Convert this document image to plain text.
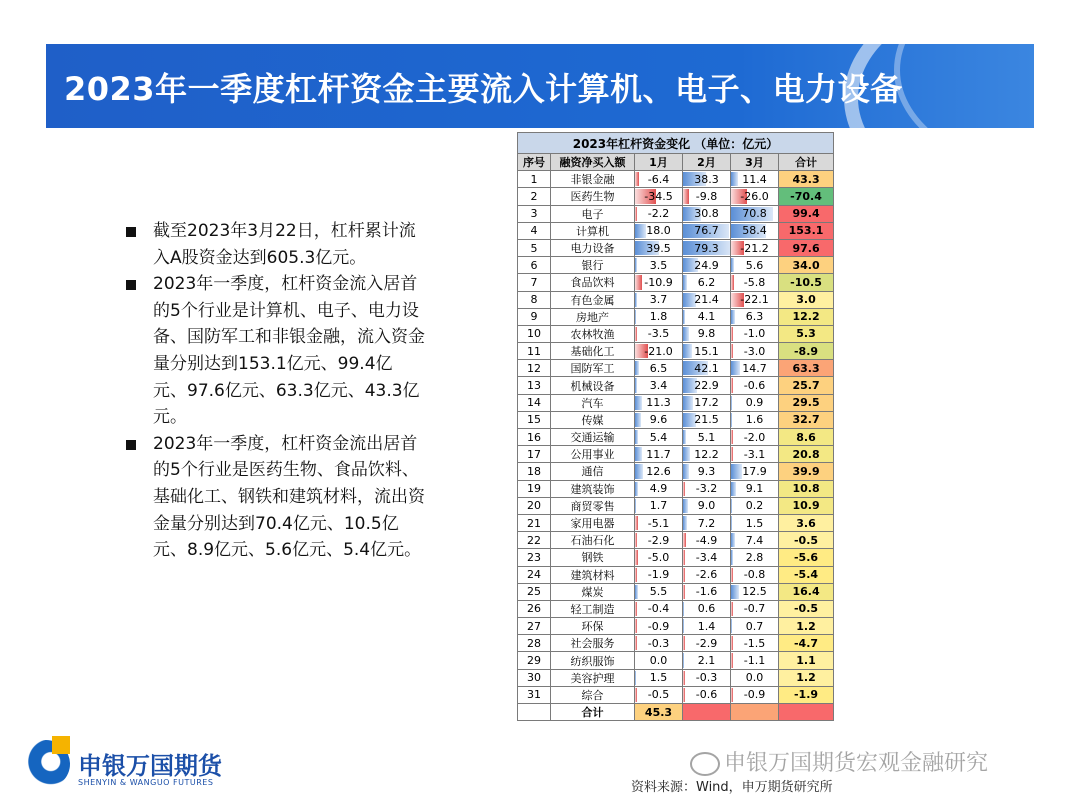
2023年一季度杠杆资金主要流入计算机、电子、电力设备
截至2023年3月22日，杠杆累计流入A股资金达到605.3亿元。
2023年一季度，杠杆资金流入居首的5个行业是计算机、电子、电力设备、国防军工和非银金融，流入资金量分别达到153.1亿元、99.4亿元、97.6亿元、63.3亿元、43.3亿元。
2023年一季度，杠杆资金流出居首的5个行业是医药生物、食品饮料、基础化工、钢铁和建筑材料，流出资金量分别达到70.4亿元、10.5亿元、8.9亿元、5.6亿元、5.4亿元。
2023年杠杆资金变化 （单位：亿元）					
序号	融资净买入额	1月	2月	3月	合计
1	非银金融	-6.4	38.3	11.4	43.3
2	医药生物	-34.5	-9.8	-26.0	-70.4
3	电子	-2.2	30.8	70.8	99.4
4	计算机	18.0	76.7	58.4	153.1
5	电力设备	39.5	79.3	-21.2	97.6
6	银行	3.5	24.9	5.6	34.0
7	食品饮料	-10.9	6.2	-5.8	-10.5
8	有色金属	3.7	21.4	-22.1	3.0
9	房地产	1.8	4.1	6.3	12.2
10	农林牧渔	-3.5	9.8	-1.0	5.3
11	基础化工	-21.0	15.1	-3.0	-8.9
12	国防军工	6.5	42.1	14.7	63.3
13	机械设备	3.4	22.9	-0.6	25.7
14	汽车	11.3	17.2	0.9	29.5
15	传媒	9.6	21.5	1.6	32.7
16	交通运输	5.4	5.1	-2.0	8.6
17	公用事业	11.7	12.2	-3.1	20.8
18	通信	12.6	9.3	17.9	39.9
19	建筑装饰	4.9	-3.2	9.1	10.8
20	商贸零售	1.7	9.0	0.2	10.9
21	家用电器	-5.1	7.2	1.5	3.6
22	石油石化	-2.9	-4.9	7.4	-0.5
23	钢铁	-5.0	-3.4	2.8	-5.6
24	建筑材料	-1.9	-2.6	-0.8	-5.4
25	煤炭	5.5	-1.6	12.5	16.4
26	轻工制造	-0.4	0.6	-0.7	-0.5
27	环保	-0.9	1.4	0.7	1.2
28	社会服务	-0.3	-2.9	-1.5	-4.7
29	纺织服饰	0.0	2.1	-1.1	1.1
30	美容护理	1.5	-0.3	0.0	1.2
31	综合	-0.5	-0.6	-0.9	-1.9
	合计	45.3			
申银万国期货
SHENYIN & WANGUO FUTURES
申银万国期货宏观金融研究
资料来源：Wind，申万期货研究所
